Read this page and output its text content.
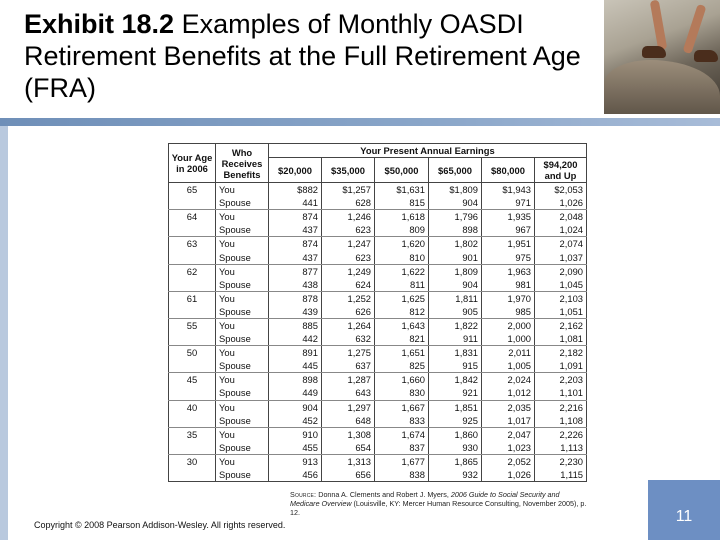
Exhibit 18.2 Examples of Monthly OASDI Retirement Benefits at the Full Retirement Age (FRA)
Your Age in 2006	Who Receives Benefits	Your Present Annual Earnings					
		$20,000	$35,000	$50,000	$65,000	$80,000	$94,200 and Up
65	You	$882	$1,257	$1,631	$1,809	$1,943	$2,053
	Spouse	441	628	815	904	971	1,026
64	You	874	1,246	1,618	1,796	1,935	2,048
	Spouse	437	623	809	898	967	1,024
63	You	874	1,247	1,620	1,802	1,951	2,074
	Spouse	437	623	810	901	975	1,037
62	You	877	1,249	1,622	1,809	1,963	2,090
	Spouse	438	624	811	904	981	1,045
61	You	878	1,252	1,625	1,811	1,970	2,103
	Spouse	439	626	812	905	985	1,051
55	You	885	1,264	1,643	1,822	2,000	2,162
	Spouse	442	632	821	911	1,000	1,081
50	You	891	1,275	1,651	1,831	2,011	2,182
	Spouse	445	637	825	915	1,005	1,091
45	You	898	1,287	1,660	1,842	2,024	2,203
	Spouse	449	643	830	921	1,012	1,101
40	You	904	1,297	1,667	1,851	2,035	2,216
	Spouse	452	648	833	925	1,017	1,108
35	You	910	1,308	1,674	1,860	2,047	2,226
	Spouse	455	654	837	930	1,023	1,113
30	You	913	1,313	1,677	1,865	2,052	2,230
	Spouse	456	656	838	932	1,026	1,115
Source: Donna A. Clements and Robert J. Myers, 2006 Guide to Social Security and Medicare Overview (Louisville, KY: Mercer Human Resource Consulting, November 2005), p. 12.
Copyright © 2008 Pearson Addison-Wesley. All rights reserved.	11
